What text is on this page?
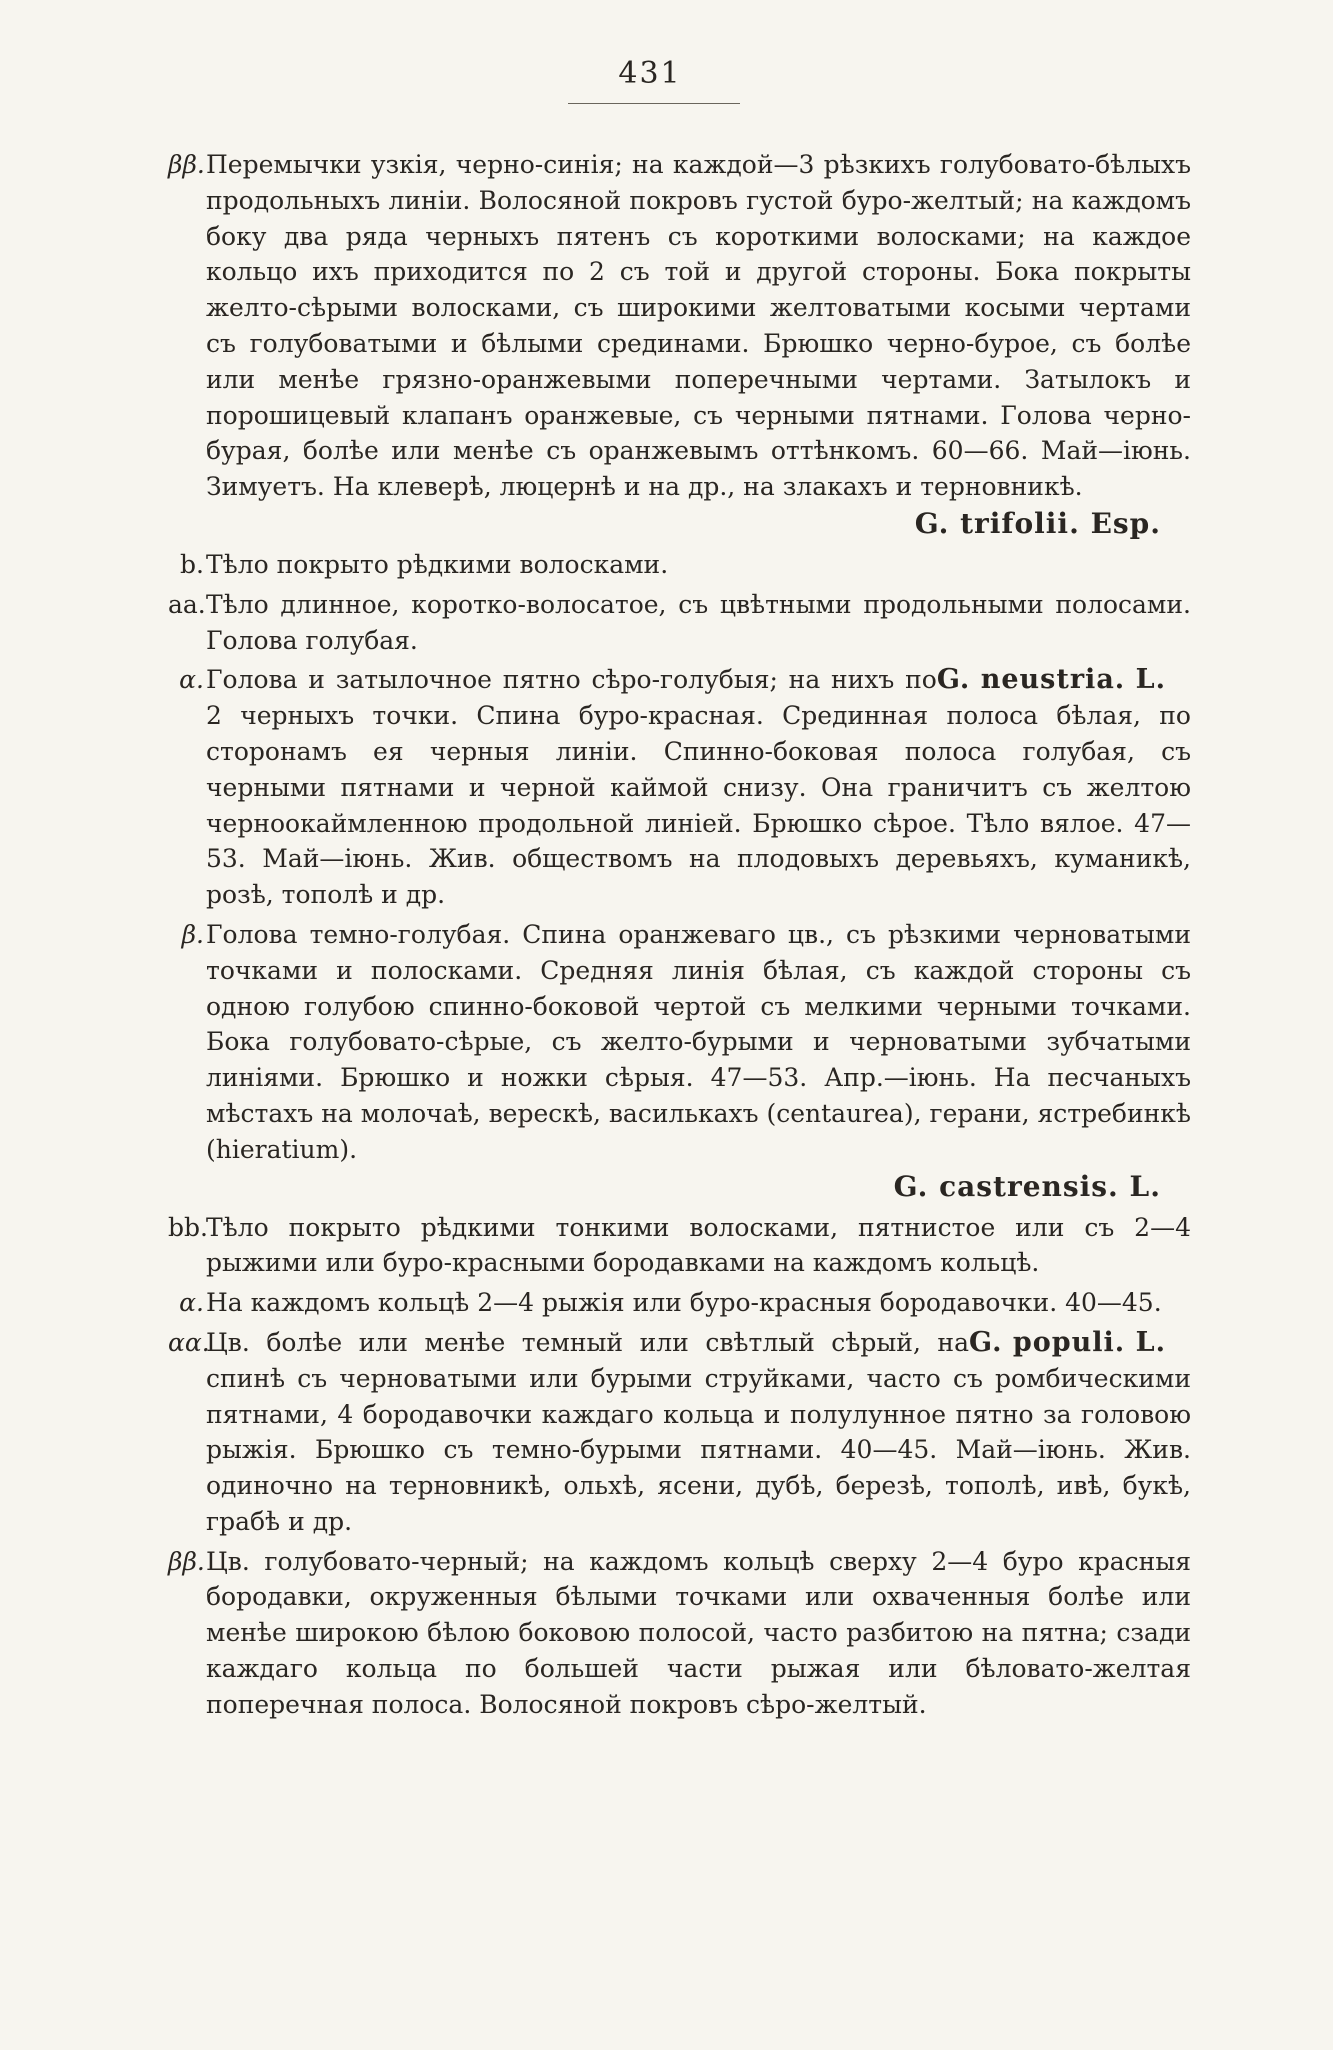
431
ββ. Перемычки узкія, черно-синія; на каждой—3 рѣзкихъ голубовато-бѣлыхъ продольныхъ линіи. Волосяной покровъ густой буро-желтый; на каждомъ боку два ряда черныхъ пятенъ съ короткими волосками; на каждое кольцо ихъ приходится по 2 съ той и другой стороны. Бока покрыты желто-сѣрыми волосками, съ широкими желтоватыми косыми чертами съ голубоватыми и бѣлыми срединами. Брюшко черно-бурое, съ болѣе или менѣе грязно-оранжевыми поперечными чертами. Затылокъ и порошицевый клапанъ оранжевые, съ черными пятнами. Голова черно-бурая, болѣе или менѣе съ оранжевымъ оттѣнкомъ. 60—66. Май—іюнь. Зимуетъ. На клеверѣ, люцернѣ и на др., на злакахъ и терновникѣ.
G. trifolii. Esp.
b. Тѣло покрыто рѣдкими волосками.
aa. Тѣло длинное, коротко-волосатое, съ цвѣтными продольными полосами. Голова голубая.
α.	G. neustria. L.
Голова и затылочное пятно сѣро-голубыя; на нихъ по 2 черныхъ точки. Спина буро-красная. Срединная полоса бѣлая, по сторонамъ ея черныя линіи. Спинно-боковая полоса голубая, съ черными пятнами и черной каймой снизу. Она граничитъ съ желтою черноокаймленною продольной линіей. Брюшко сѣрое. Тѣло вялое. 47—53. Май—іюнь. Жив. обществомъ на плодовыхъ деревьяхъ, куманикѣ, розѣ, тополѣ и др.
β. Голова темно-голубая. Спина оранжеваго цв., съ рѣзкими черноватыми точками и полосками. Средняя линія бѣлая, съ каждой стороны съ одною голубою спинно-боковой чертой съ мелкими черными точками. Бока голубовато-сѣрые, съ желто-бурыми и черноватыми зубчатыми линіями. Брюшко и ножки сѣрыя. 47—53. Апр.—іюнь. На песчаныхъ мѣстахъ на молочаѣ, верескѣ, василькахъ (centaurea), герани, ястребинкѣ (hieratium).
G. castrensis. L.
bb.
Тѣло покрыто рѣдкими тонкими волосками, пятнистое или съ 2—4 рыжими или буро-красными бородавками на каждомъ кольцѣ.
α. На каждомъ кольцѣ 2—4 рыжія или буро-красныя бородавочки. 40—45.
αα.	G. populi. L.
Цв. болѣе или менѣе темный или свѣтлый сѣрый, на спинѣ съ черноватыми или бурыми струйками, часто съ ромбическими пятнами, 4 бородавочки каждаго кольца и полулунное пятно за головою рыжія. Брюшко съ темно-бурыми пятнами. 40—45. Май—іюнь. Жив. одиночно на терновникѣ, ольхѣ, ясени, дубѣ, березѣ, тополѣ, ивѣ, букѣ, грабѣ и др.
ββ. Цв. голубовато-черный; на каждомъ кольцѣ сверху 2—4 буро красныя бородавки, окруженныя бѣлыми точками или охваченныя болѣе или менѣе широкою бѣлою боковою полосой, часто разбитою на пятна; сзади каждаго кольца по большей части рыжая или бѣловато-желтая поперечная полоса. Волосяной покровъ сѣро-желтый.
